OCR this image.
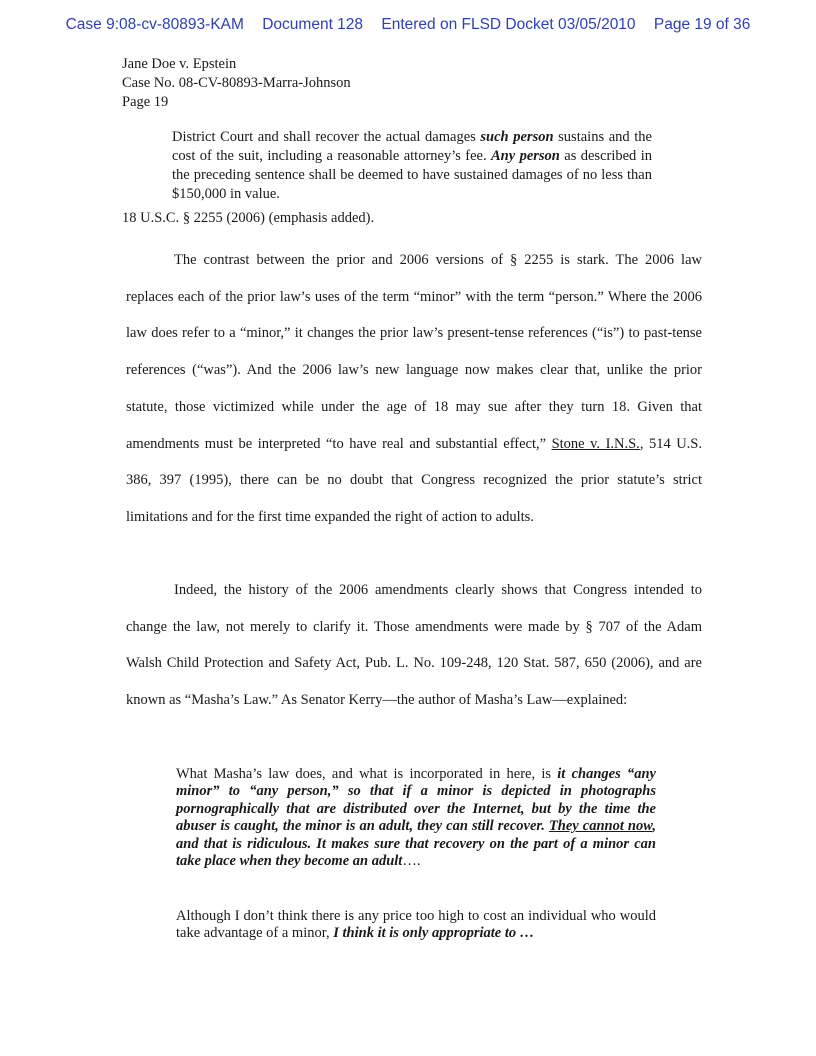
Case 9:08-cv-80893-KAM Document 128 Entered on FLSD Docket 03/05/2010 Page 19 of 36
Jane Doe v. Epstein
Case No. 08-CV-80893-Marra-Johnson
Page 19
District Court and shall recover the actual damages such person sustains and the cost of the suit, including a reasonable attorney’s fee. Any person as described in the preceding sentence shall be deemed to have sustained damages of no less than $150,000 in value.
18 U.S.C. § 2255 (2006) (emphasis added).
The contrast between the prior and 2006 versions of § 2255 is stark. The 2006 law replaces each of the prior law’s uses of the term “minor” with the term “person.” Where the 2006 law does refer to a “minor,” it changes the prior law’s present-tense references (“is”) to past-tense references (“was”). And the 2006 law’s new language now makes clear that, unlike the prior statute, those victimized while under the age of 18 may sue after they turn 18. Given that amendments must be interpreted “to have real and substantial effect,” Stone v. I.N.S., 514 U.S. 386, 397 (1995), there can be no doubt that Congress recognized the prior statute’s strict limitations and for the first time expanded the right of action to adults.
Indeed, the history of the 2006 amendments clearly shows that Congress intended to change the law, not merely to clarify it. Those amendments were made by § 707 of the Adam Walsh Child Protection and Safety Act, Pub. L. No. 109-248, 120 Stat. 587, 650 (2006), and are known as “Masha’s Law.” As Senator Kerry—the author of Masha’s Law—explained:
What Masha’s law does, and what is incorporated in here, is it changes “any minor” to “any person,” so that if a minor is depicted in photographs pornographically that are distributed over the Internet, but by the time the abuser is caught, the minor is an adult, they can still recover. They cannot now, and that is ridiculous. It makes sure that recovery on the part of a minor can take place when they become an adult….
Although I don’t think there is any price too high to cost an individual who would take advantage of a minor, I think it is only appropriate to …
